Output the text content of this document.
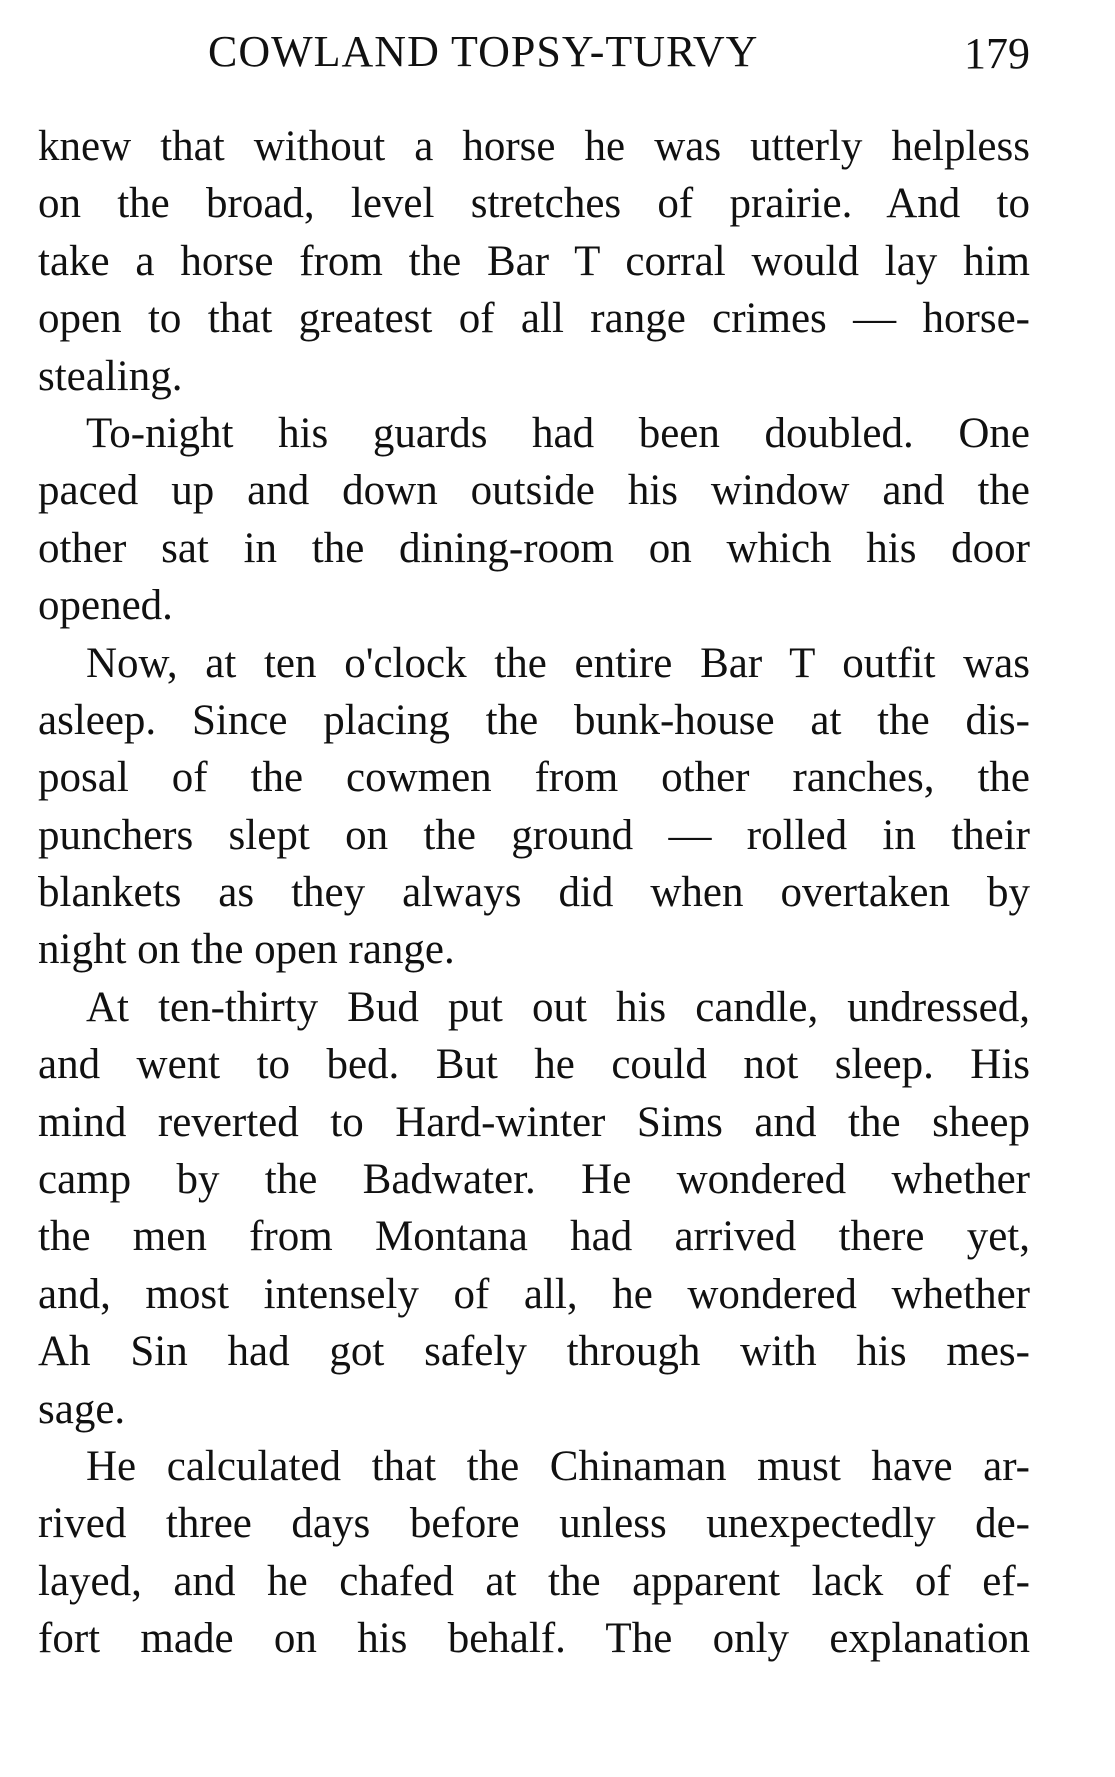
COWLAND TOPSY-TURVY	179
knew that without a horse he was utterly helpless
on the broad, level stretches of prairie. And to
take a horse from the Bar T corral would lay him
open to that greatest of all range crimes — horse-
stealing.
To-night his guards had been doubled. One
paced up and down outside his window and the
other sat in the dining-room on which his door
opened.
Now, at ten o'clock the entire Bar T outfit was
asleep. Since placing the bunk-house at the dis-
posal of the cowmen from other ranches, the
punchers slept on the ground — rolled in their
blankets as they always did when overtaken by
night on the open range.
At ten-thirty Bud put out his candle, undressed,
and went to bed. But he could not sleep. His
mind reverted to Hard-winter Sims and the sheep
camp by the Badwater. He wondered whether
the men from Montana had arrived there yet,
and, most intensely of all, he wondered whether
Ah Sin had got safely through with his mes-
sage.
He calculated that the Chinaman must have ar-
rived three days before unless unexpectedly de-
layed, and he chafed at the apparent lack of ef-
fort made on his behalf. The only explanation
